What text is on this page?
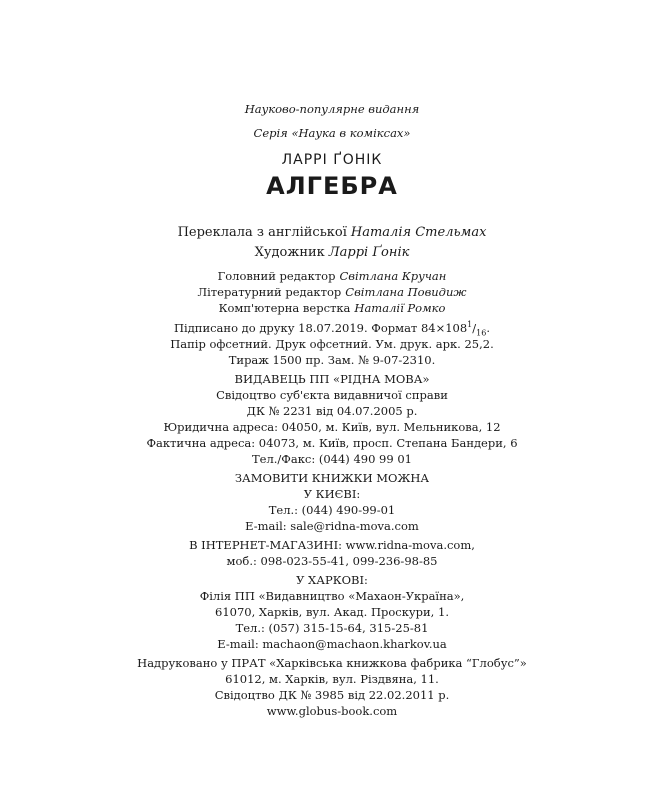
Науково-популярне видання
Серія «Наука в коміксах»
ЛАРРІ ҐОНІК
АЛГЕБРА
Переклала з англійської Наталія Стельмах
Художник Ларрі Ґонік
Головний редактор Світлана Кручан
Літературний редактор Світлана Повидиж
Комп'ютерна верстка Наталії Ромко
Підписано до друку 18.07.2019. Формат $84\times 108^1/_{16}$.
Папір офсетний. Друк офсетний. Ум. друк. арк. 25,2.
Тираж 1500 пр. Зам. № 9-07-2310.
ВИДАВЕЦЬ ПП «РІДНА МОВА»
Свідоцтво суб'єкта видавничої справи
ДК № 2231 від 04.07.2005 р.
Юридична адреса: 04050, м. Київ, вул. Мельникова, 12
Фактична адреса: 04073, м. Київ, просп. Степана Бандери, 6
Тел./Факс: (044) 490 99 01
ЗАМОВИТИ КНИЖКИ МОЖНА
У КИЄВІ:
Тел.: (044) 490-99-01
E-mail: sale@ridna-mova.com
В ІНТЕРНЕТ-МАГАЗИНІ: www.ridna-mova.com,
моб.: 098-023-55-41, 099-236-98-85
У ХАРКОВІ:
Філія ПП «Видавництво «Махаон-Україна»,
61070, Харків, вул. Акад. Проскури, 1.
Тел.: (057) 315-15-64, 315-25-81
E-mail: machaon@machaon.kharkov.ua
Надруковано у ПРАТ «Харківська книжкова фабрика “Глобус”»
61012, м. Харків, вул. Різдвяна, 11.
Свідоцтво ДК № 3985 від 22.02.2011 р.
www.globus-book.com
